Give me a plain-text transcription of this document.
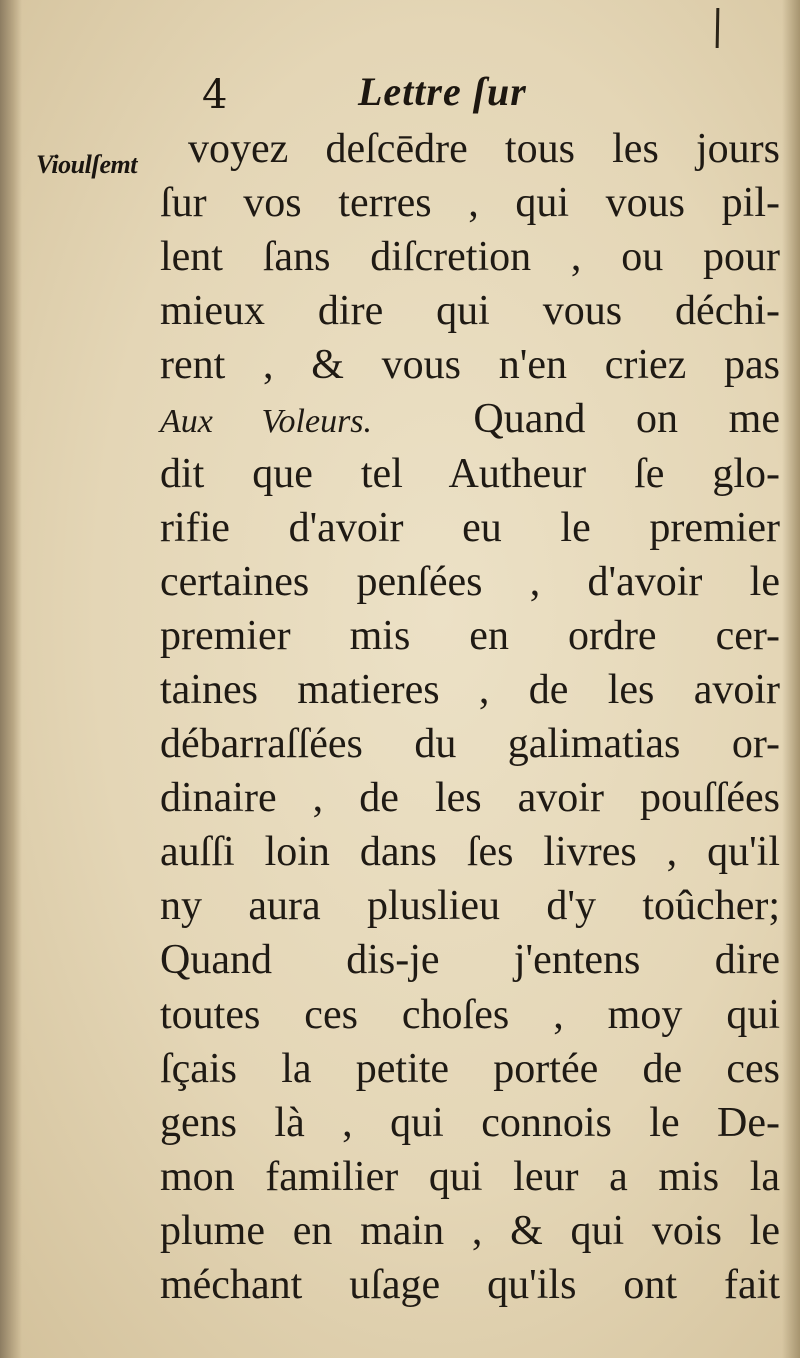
4	Lettre ſur
Vioulſemt	voyez deſcēdre tous les jours
ſur vos terres , qui vous pil-
lent ſans diſcretion , ou pour
mieux dire qui vous déchi-
rent , & vous n'en criez pas
Aux Voleurs. Quand on me
dit que tel Autheur ſe glo-
rifie d'avoir eu le premier
certaines penſées , d'avoir le
premier mis en ordre cer-
taines matieres , de les avoir
débarraſſées du galimatias or-
dinaire , de les avoir pouſſées
auſſi loin dans ſes livres , qu'il
ny aura pluslieu d'y toûcher;
Quand dis-je j'entens dire
toutes ces choſes , moy qui
ſçais la petite portée de ces
gens là , qui connois le De-
mon familier qui leur a mis la
plume en main , & qui vois le
méchant uſage qu'ils ont fait
